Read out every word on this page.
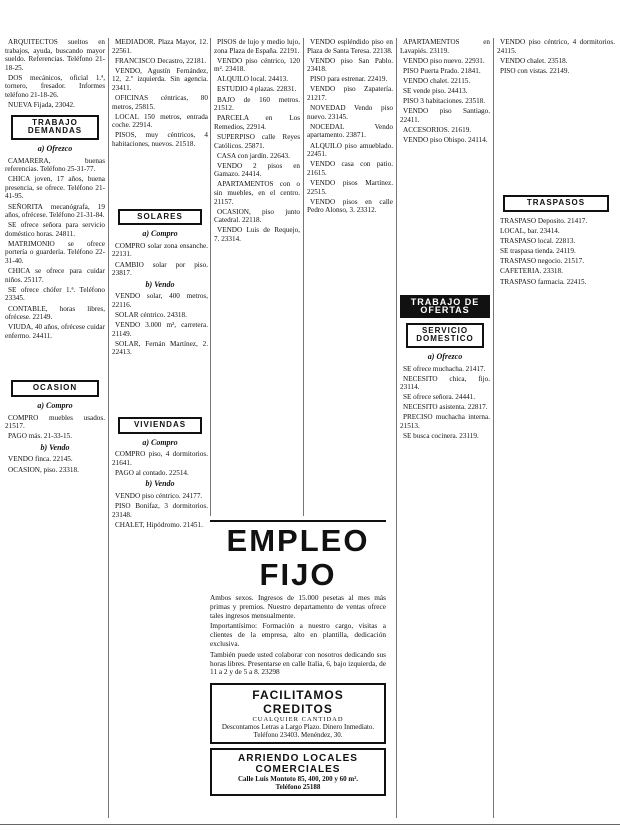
ARQUITECTOS sueltos en trabajos, ayuda, buscando mayor sueldo. Referencias. Teléfono 21-18-25.

DOS mecánicos, oficial 1.ª, tornero, fresador. Informes teléfono 21-18-26.

NUEVA Fijada, 23042.

TRABAJO DEMANDAS
a) Ofrezco

CAMARERA, buenas referencias. Teléfono 25-31-77.

CHICA joven, 17 años, buena presencia, se ofrece. Teléfono 21-41-95.

SEÑORITA mecanógrafa, 19 años, ofrécese. Teléfono 21-31-84.

SE ofrece señora para servicio doméstico horas. 24811.

MATRIMONIO se ofrece portería o guardería. Teléfono 22-31-40.

CHICA se ofrece para cuidar niños. 25117.

SE ofrece chófer 1.ª. Teléfono 23345.

CONTABLE, horas libres, ofrécese. 22149.

VIUDA, 40 años, ofrécese cuidar enfermo. 24411.

OCASION
a) Compro

COMPRO muebles usados. 21517.

PAGO más. 21-33-15.

b) Vendo

VENDO finca. 22145.

OCASION, piso. 23318.

MEDIADOR. Plaza Mayor, 12. 22561.

FRANCISCO Decastro, 22181.

VENDO, Agustín Fernández, 12, 2.º izquierda. Sin agencia. 23411.

OFICINAS céntricas, 80 metros, 25815.

LOCAL 150 metros, entrada coche. 22914.

PISOS, muy céntricos, 4 habitaciones, nuevos. 21518.

SOLARES
a) Compro

COMPRO solar zona ensanche. 22131.

CAMBIO solar por piso. 23817.

b) Vendo

VENDO solar, 400 metros, 22116.

SOLAR céntrico. 24318.

VENDO 3.000 m², carretera. 21149.

SOLAR, Fernán Martínez, 2. 22413.

VIVIENDAS
a) Compro

COMPRO piso, 4 dormitorios. 21641.

PAGO al contado. 22514.

b) Vendo

VENDO piso céntrico. 24177.

PISO Bonifaz, 3 dormitorios. 23148.

CHALET, Hipódromo. 21451.

PISOS de lujo y medio lujo, zona Plaza de España. 22191.

VENDO piso céntrico, 120 m². 23418.

ALQUILO local. 24413.

ESTUDIO 4 plazas. 22831.

BAJO de 160 metros. 21512.

PARCELA en Los Remedios, 22914.

SUPERPISO calle Reyes Católicos. 25871.

CASA con jardín. 22643.

VENDO 2 pisos en Gamazo. 24414.

APARTAMENTOS con o sin muebles, en el centro. 21157.

OCASION, piso junto Catedral. 22118.

VENDO Luis de Requejo, 7. 23314.

VENDO espléndido piso en Plaza de Santa Teresa. 22138.

VENDO piso San Pablo. 23418.

PISO para estrenar. 22419.

VENDO piso Zapatería. 21217.

NOVEDAD Vendo piso nuevo. 23145.

NOCEDAL Vendo apartamento. 23871.

ALQUILO piso amueblado. 22451.

VENDO casa con patio. 21615.

VENDO pisos Martínez. 22515.

VENDO pisos en calle Pedro Alonso, 3. 23312.

APARTAMENTOS en Lavapiés. 23119.

VENDO piso nuevo. 22931.

PISO Puerta Prado. 21841.

VENDO chalet. 22115.

SE vende piso. 24413.

PISO 3 habitaciones. 23518.

VENDO piso Santiago. 22411.

ACCESORIOS. 21619.

VENDO piso Obispo. 24114.

TRABAJO DE OFERTAS
SERVICIO DOMESTICO
a) Ofrezco

SE ofrece muchacha. 21417.

NECESITO chica, fijo. 23114.

SE ofrece señora. 24441.

NECESITO asistenta. 22817.

PRECISO muchacha interna. 21513.

SE busca cocinera. 23119.

VENDO piso céntrico, 4 dormitorios. 24115.

VENDO chalet. 23518.

PISO con vistas. 22149.

TRASPASOS

TRASPASO Deposito. 21417.

LOCAL, bar. 23414.

TRASPASO local. 22813.

SE traspasa tienda. 24119.

TRASPASO negocio. 21517.

CAFETERIA. 23318.

TRASPASO farmacia. 22415.

EMPLEO FIJO

Ambos sexos. Ingresos de 15.000 pesetas al mes más primas y premios. Nuestro departamento de ventas ofrece tales ingresos mensualmente.

Importantísimo: Formación a nuestro cargo, visitas a clientes de la empresa, alto en plantilla, dedicación exclusiva.

También puede usted colaborar con nosotros dedicando sus horas libres. Presentarse en calle Italia, 6, bajo izquierda, de 11 a 2 y de 5 a 8. 23298

FACILITAMOS CREDITOS
CUALQUIER CANTIDAD
Descontamos Letras a Largo Plazo. Dinero Inmediato. Teléfono 23403. Menéndez, 30.
ARRIENDO LOCALES COMERCIALES
Calle Luis Montoto 85, 400, 200 y 60 m².
Teléfono 25188
